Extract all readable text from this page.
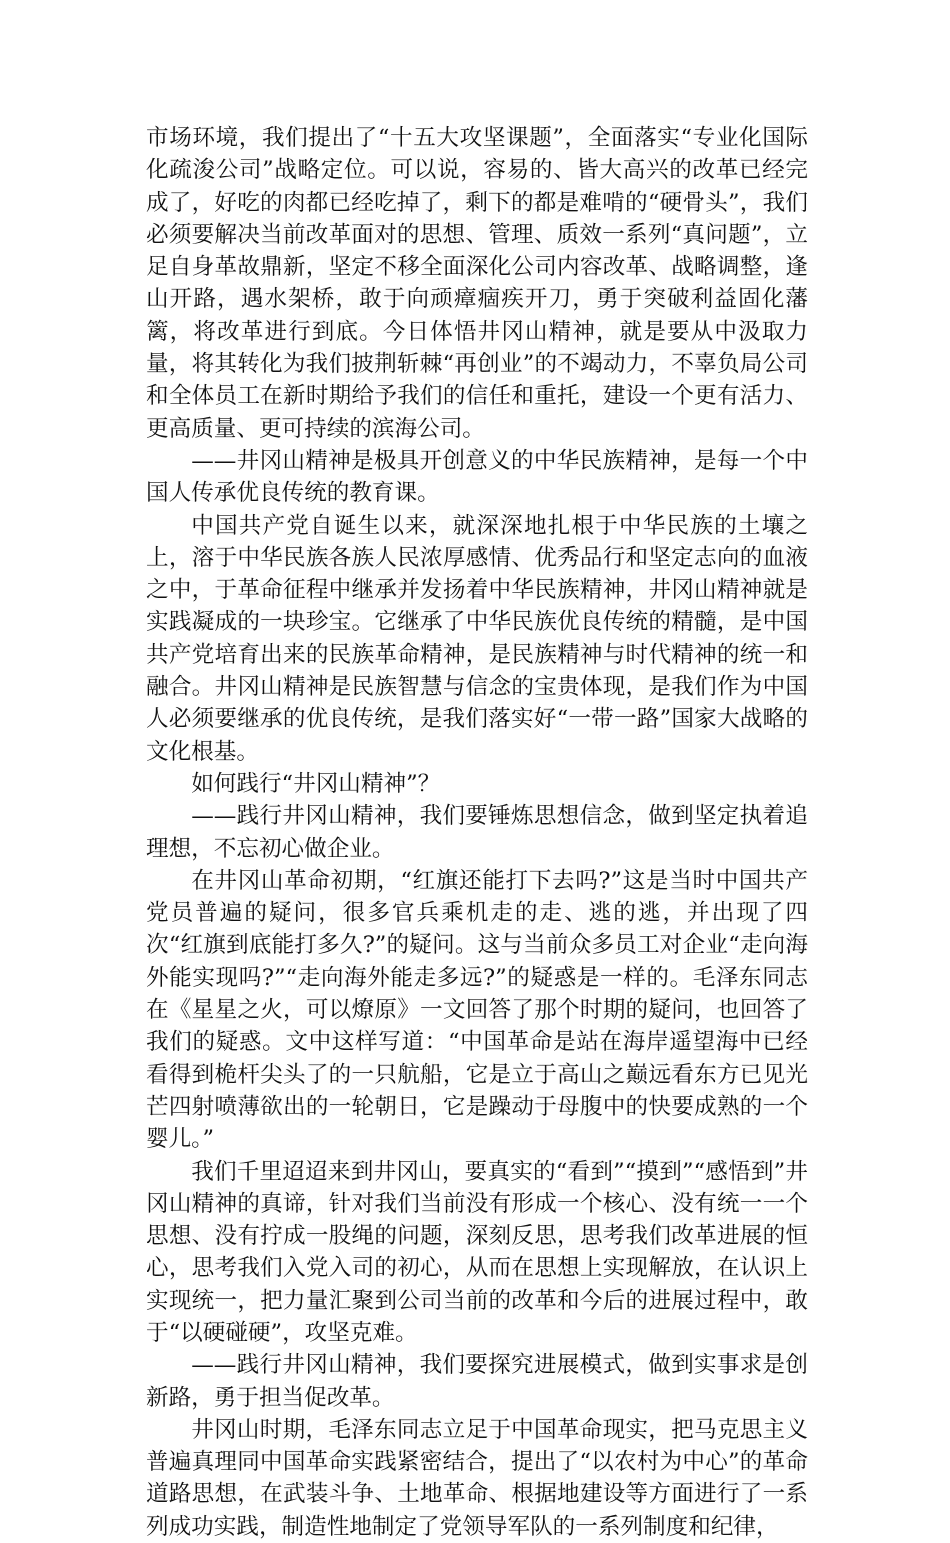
市场环境，我们提出了“十五大攻坚课题”，全面落实“专业化国际化疏浚公司”战略定位。可以说，容易的、皆大高兴的改革已经完成了，好吃的肉都已经吃掉了，剩下的都是难啃的“硬骨头”，我们必须要解决当前改革面对的思想、管理、质效一系列“真问题”，立足自身革故鼎新，坚定不移全面深化公司内容改革、战略调整，逢山开路，遇水架桥，敢于向顽瘴痼疾开刀，勇于突破利益固化藩篱，将改革进行到底。今日体悟井冈山精神，就是要从中汲取力量，将其转化为我们披荆斩棘“再创业”的不竭动力，不辜负局公司和全体员工在新时期给予我们的信任和重托，建设一个更有活力、更高质量、更可持续的滨海公司。

——井冈山精神是极具开创意义的中华民族精神，是每一个中国人传承优良传统的教育课。

中国共产党自诞生以来，就深深地扎根于中华民族的土壤之上，溶于中华民族各族人民浓厚感情、优秀品行和坚定志向的血液之中，于革命征程中继承并发扬着中华民族精神，井冈山精神就是实践凝成的一块珍宝。它继承了中华民族优良传统的精髓，是中国共产党培育出来的民族革命精神，是民族精神与时代精神的统一和融合。井冈山精神是民族智慧与信念的宝贵体现，是我们作为中国人必须要继承的优良传统，是我们落实好“一带一路”国家大战略的文化根基。

如何践行“井冈山精神”？

——践行井冈山精神，我们要锤炼思想信念，做到坚定执着追理想，不忘初心做企业。

在井冈山革命初期，“红旗还能打下去吗?”这是当时中国共产党员普遍的疑问，很多官兵乘机走的走、逃的逃，并出现了四次“红旗到底能打多久?”的疑问。这与当前众多员工对企业“走向海外能实现吗?”“走向海外能走多远?”的疑惑是一样的。毛泽东同志在《星星之火，可以燎原》一文回答了那个时期的疑问，也回答了我们的疑惑。文中这样写道：“中国革命是站在海岸遥望海中已经看得到桅杆尖头了的一只航船，它是立于高山之巅远看东方已见光芒四射喷薄欲出的一轮朝日，它是躁动于母腹中的快要成熟的一个婴儿。”

我们千里迢迢来到井冈山，要真实的“看到”“摸到”“感悟到”井冈山精神的真谛，针对我们当前没有形成一个核心、没有统一一个思想、没有拧成一股绳的问题，深刻反思，思考我们改革进展的恒心，思考我们入党入司的初心，从而在思想上实现解放，在认识上实现统一，把力量汇聚到公司当前的改革和今后的进展过程中，敢于“以硬碰硬”，攻坚克难。

——践行井冈山精神，我们要探究进展模式，做到实事求是创新路，勇于担当促改革。

井冈山时期，毛泽东同志立足于中国革命现实，把马克思主义普遍真理同中国革命实践紧密结合，提出了“以农村为中心”的革命道路思想，在武装斗争、土地革命、根据地建设等方面进行了一系列成功实践，制造性地制定了党领导军队的一系列制度和纪律，
